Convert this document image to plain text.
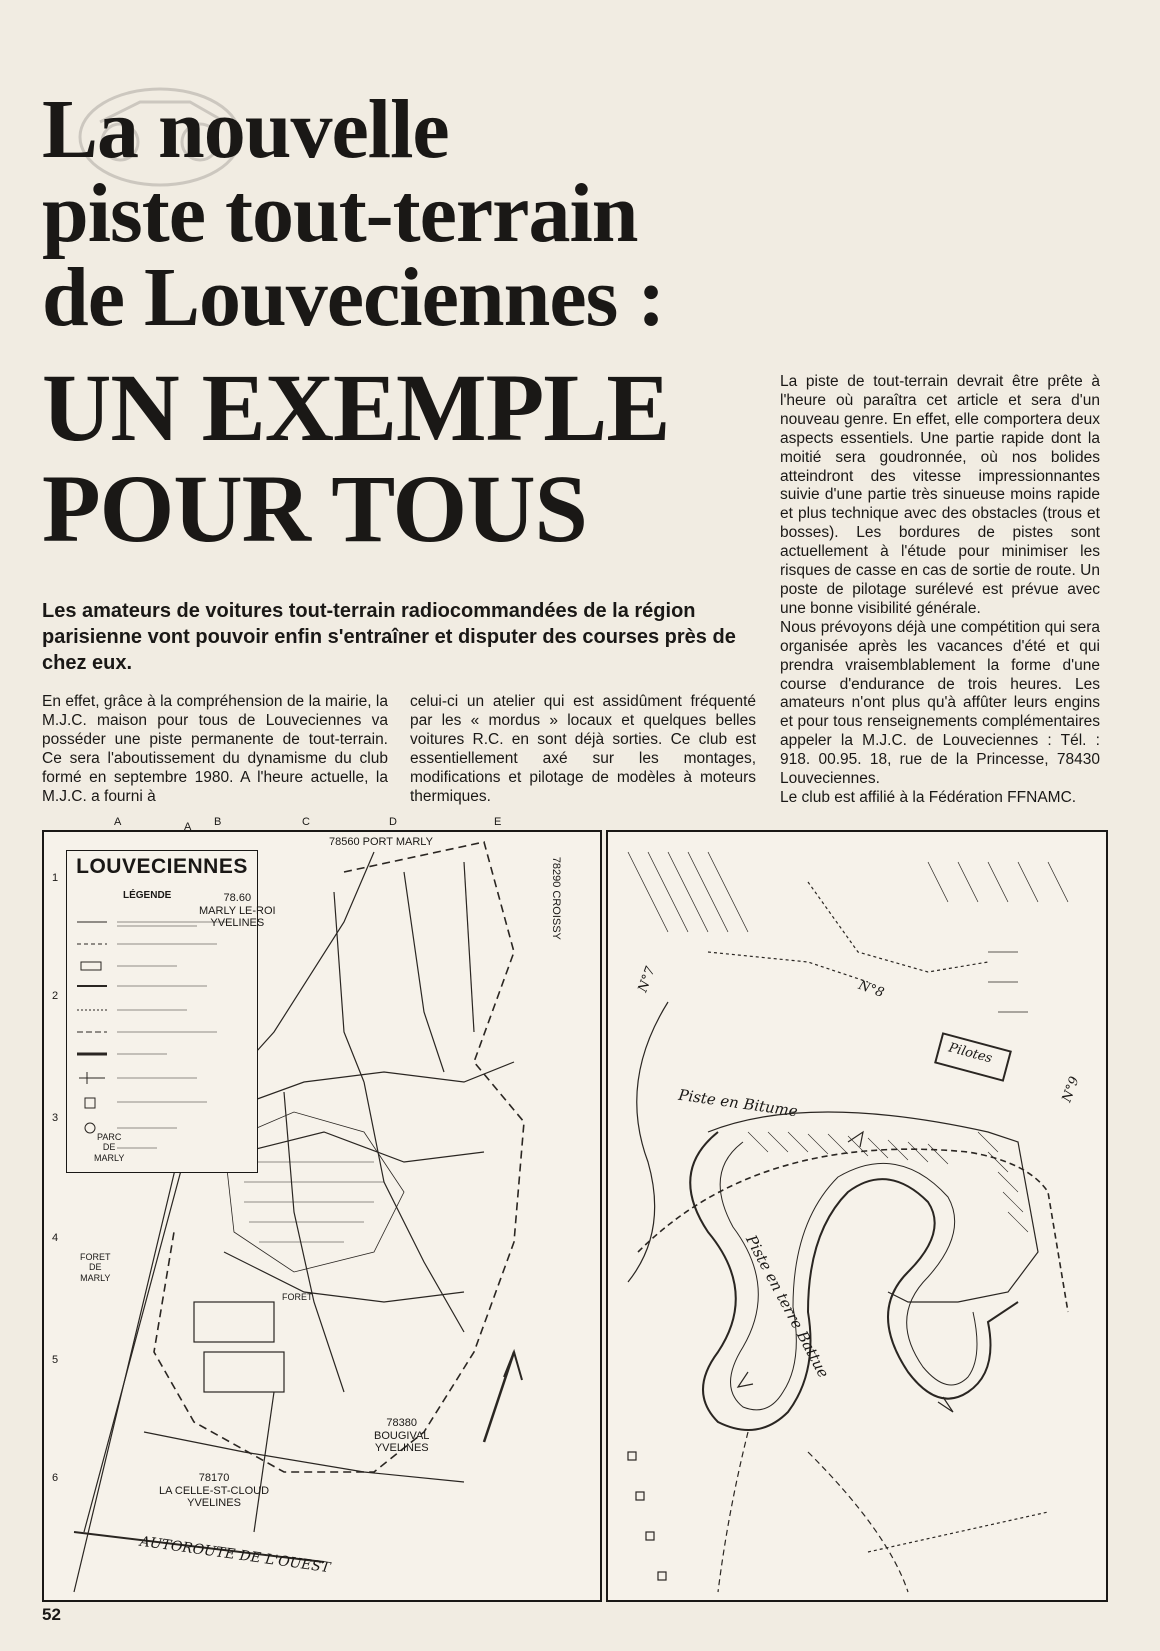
La nouvelle
piste tout-terrain
de Louveciennes :
UN EXEMPLE
POUR TOUS

Les amateurs de voitures tout-terrain radiocommandées de la région parisienne vont pouvoir enfin s'entraîner et disputer des courses près de chez eux.

En effet, grâce à la compréhension de la mairie, la M.J.C. maison pour tous de Louveciennes va posséder une piste permanente de tout-terrain. Ce sera l'aboutissement du dynamisme du club formé en septembre 1980. A l'heure actuelle, la M.J.C. a fourni à

celui-ci un atelier qui est assidûment fréquenté par les « mordus » locaux et quelques belles voitures R.C. en sont déjà sorties. Ce club est essentiellement axé sur les montages, modifications et pilotage de modèles à moteurs thermiques.

La piste de tout-terrain devrait être prête à l'heure où paraîtra cet article et sera d'un nouveau genre. En effet, elle comportera deux aspects essentiels. Une partie rapide dont la moitié sera goudronnée, où nos bolides atteindront des vitesse impressionnantes suivie d'une partie très sinueuse moins rapide et plus technique avec des obstacles (trous et bosses). Les bordures de pistes sont actuellement à l'étude pour minimiser les risques de casse en cas de sortie de route. Un poste de pilotage surélevé est prévue avec une bonne visibilité générale.

Nous prévoyons déjà une compétition qui sera organisée après les vacances d'été et qui prendra vraisemblablement la forme d'une course d'endurance de trois heures. Les amateurs n'ont plus qu'à affûter leurs engins et pour tous renseignements complémentaires appeler la M.J.C. de Louveciennes : Tél. : 918. 00.95. 18, rue de la Princesse, 78430 Louveciennes.

Le club est affilié à la Fédération FFNAMC.

A
LOUVECIENNES
LÉGENDE
A	B	C	D	E
1
2
3
4
5
6
78560 PORT MARLY
78.60
MARLY LE-ROI
YVELINES	78290 CROISSY
PARC
DE
MARLY
FORET
DE
MARLY
FORET
78380
BOUGIVAL
YVELINES
78170
LA CELLE-ST-CLOUD
YVELINES
AUTOROUTE DE L'OUEST
Piste en Bitume
Piste en terre Battue
Pilotes
N°7	N°8
N°9
52
